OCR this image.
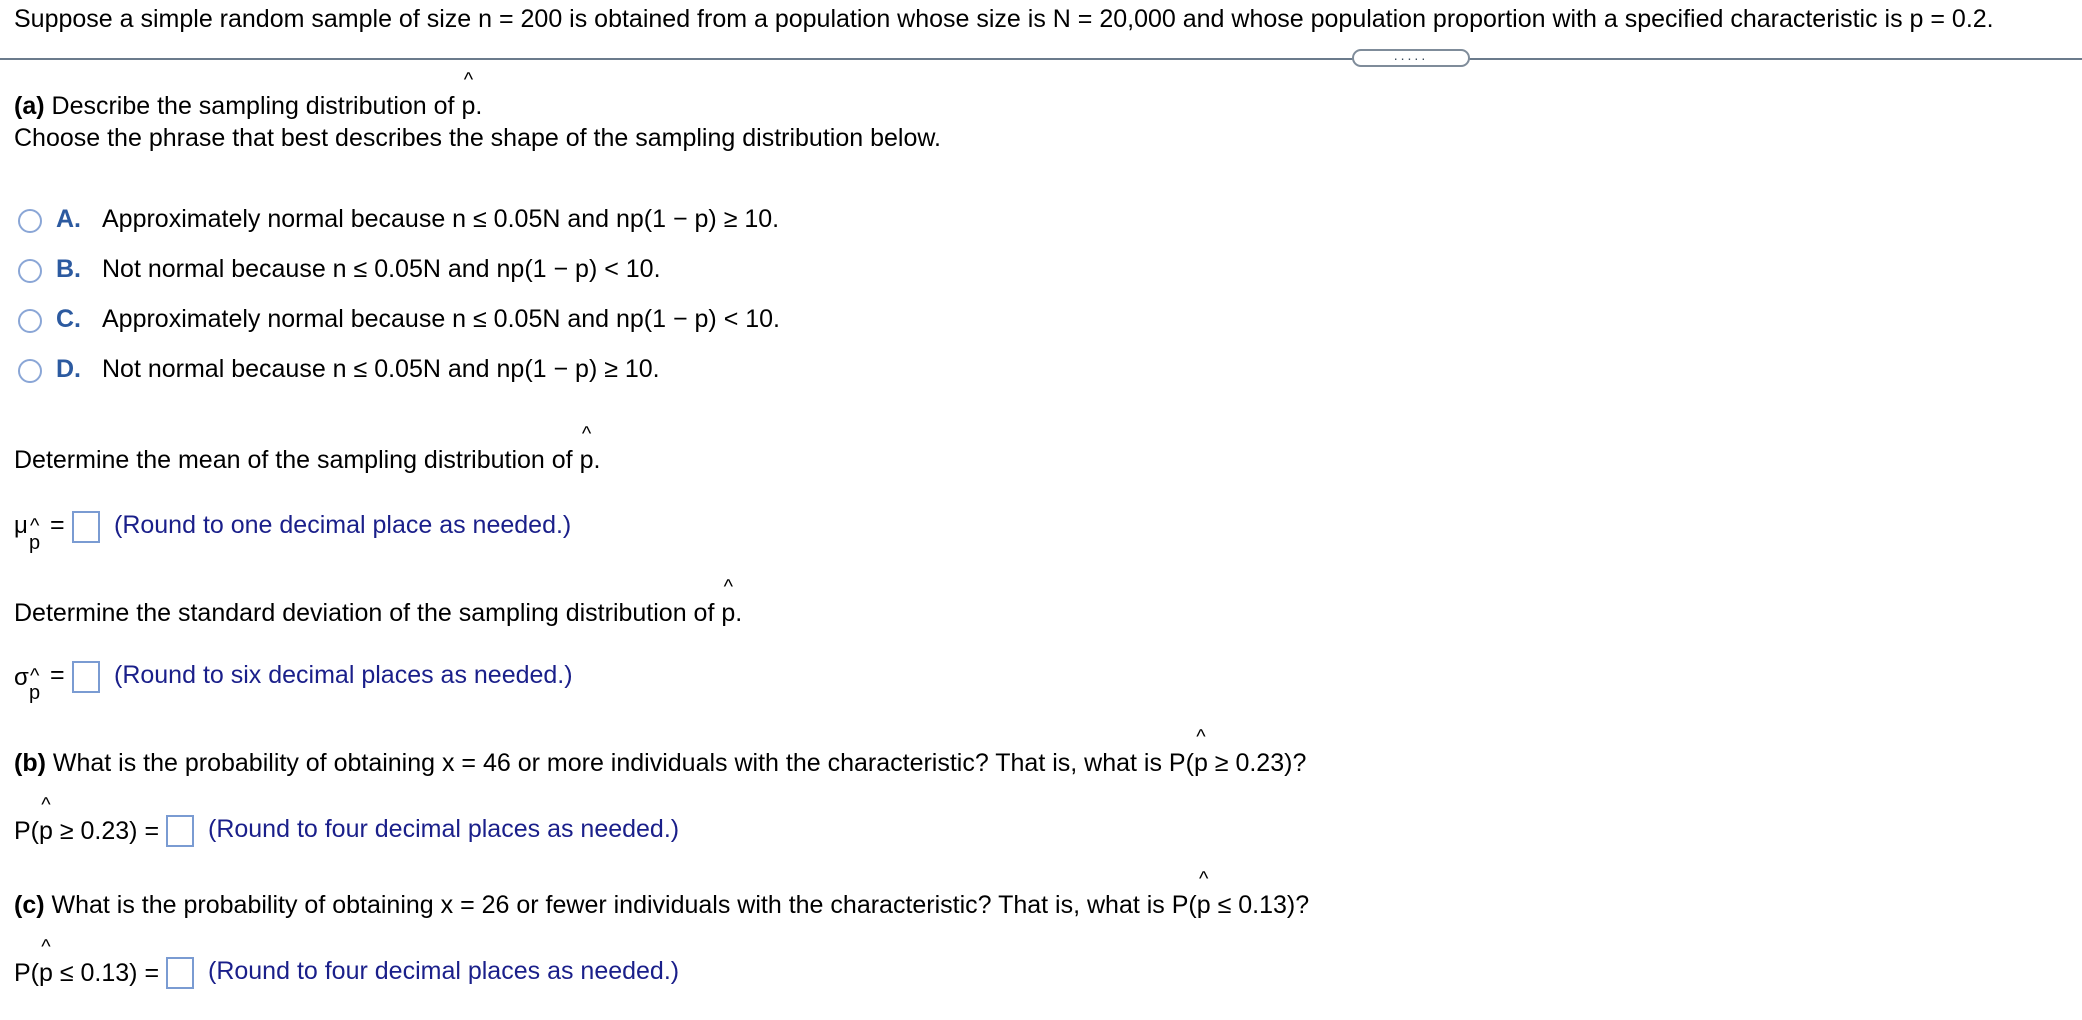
Suppose a simple random sample of size n = 200 is obtained from a population whose size is N = 20,000 and whose population proportion with a specified characteristic is p = 0.2.
.....
(a) Describe the sampling distribution of ^ p.
Choose the phrase that best describes the shape of the sampling distribution below.
A. Approximately normal because n ≤ 0.05N and np(1 − p) ≥ 10.
B. Not normal because n ≤ 0.05N and np(1 − p) < 10.
C. Approximately normal because n ≤ 0.05N and np(1 − p) < 10.
D. Not normal because n ≤ 0.05N and np(1 − p) ≥ 10.
Determine the mean of the sampling distribution of ^ p.
μ ^
p
= (Round to one decimal place as needed.)
Determine the standard deviation of the sampling distribution of ^ p.
σ ^
p
= (Round to six decimal places as needed.)
(b) What is the probability of obtaining x = 46 or more individuals with the characteristic? That is, what is P(^ p ≥ 0.23)?
P(^ p ≥ 0.23) = (Round to four decimal places as needed.)
(c) What is the probability of obtaining x = 26 or fewer individuals with the characteristic? That is, what is P(^ p ≤ 0.13)?
P(^ p ≤ 0.13) = (Round to four decimal places as needed.)
